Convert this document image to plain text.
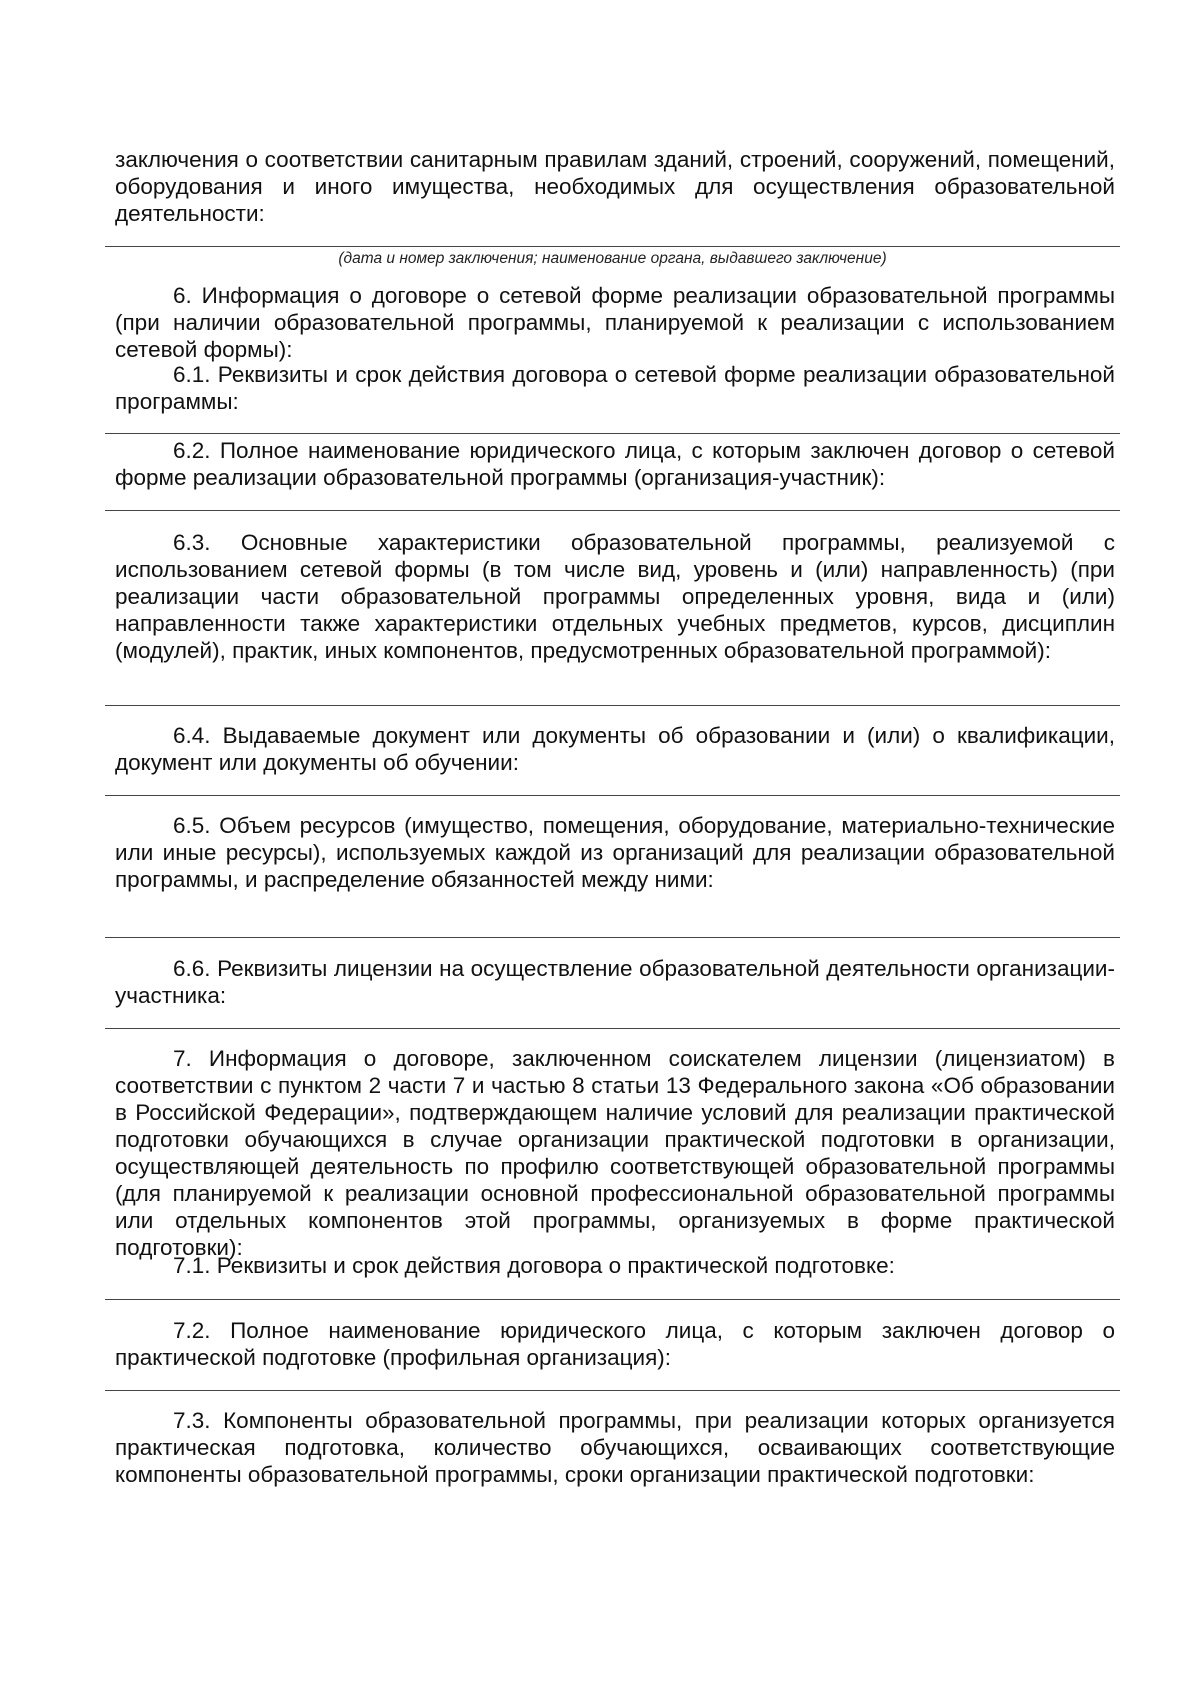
заключения о соответствии санитарным правилам зданий, строений, сооружений, помещений, оборудования и иного имущества, необходимых для осуществления образовательной деятельности:

(дата и номер заключения; наименование органа, выдавшего заключение)

6. Информация о договоре о сетевой форме реализации образовательной программы (при наличии образовательной программы, планируемой к реализации с использованием сетевой формы):

6.1. Реквизиты и срок действия договора о сетевой форме реализации образовательной программы:

6.2. Полное наименование юридического лица, с которым заключен договор о сетевой форме реализации образовательной программы (организация-участник):

6.3. Основные характеристики образовательной программы, реализуемой с использованием сетевой формы (в том числе вид, уровень и (или) направленность) (при реализации части образовательной программы определенных уровня, вида и (или) направленности также характеристики отдельных учебных предметов, курсов, дисциплин (модулей), практик, иных компонентов, предусмотренных образовательной программой):

6.4. Выдаваемые документ или документы об образовании и (или) о квалификации, документ или документы об обучении:

6.5. Объем ресурсов (имущество, помещения, оборудование, материально-технические или иные ресурсы), используемых каждой из организаций для реализации образовательной программы, и распределение обязанностей между ними:

6.6. Реквизиты лицензии на осуществление образовательной деятельности организации-участника:

7. Информация о договоре, заключенном соискателем лицензии (лицензиатом) в соответствии с пунктом 2 части 7 и частью 8 статьи 13 Федерального закона «Об образовании в Российской Федерации», подтверждающем наличие условий для реализации практической подготовки обучающихся в случае организации практической подготовки в организации, осуществляющей деятельность по профилю соответствующей образовательной программы (для планируемой к реализации основной профессиональной образовательной программы или отдельных компонентов этой программы, организуемых в форме практической подготовки):

7.1. Реквизиты и срок действия договора о практической подготовке:

7.2. Полное наименование юридического лица, с которым заключен договор о практической подготовке (профильная организация):

7.3. Компоненты образовательной программы, при реализации которых организуется практическая подготовка, количество обучающихся, осваивающих соответствующие компоненты образовательной программы, сроки организации практической подготовки:
